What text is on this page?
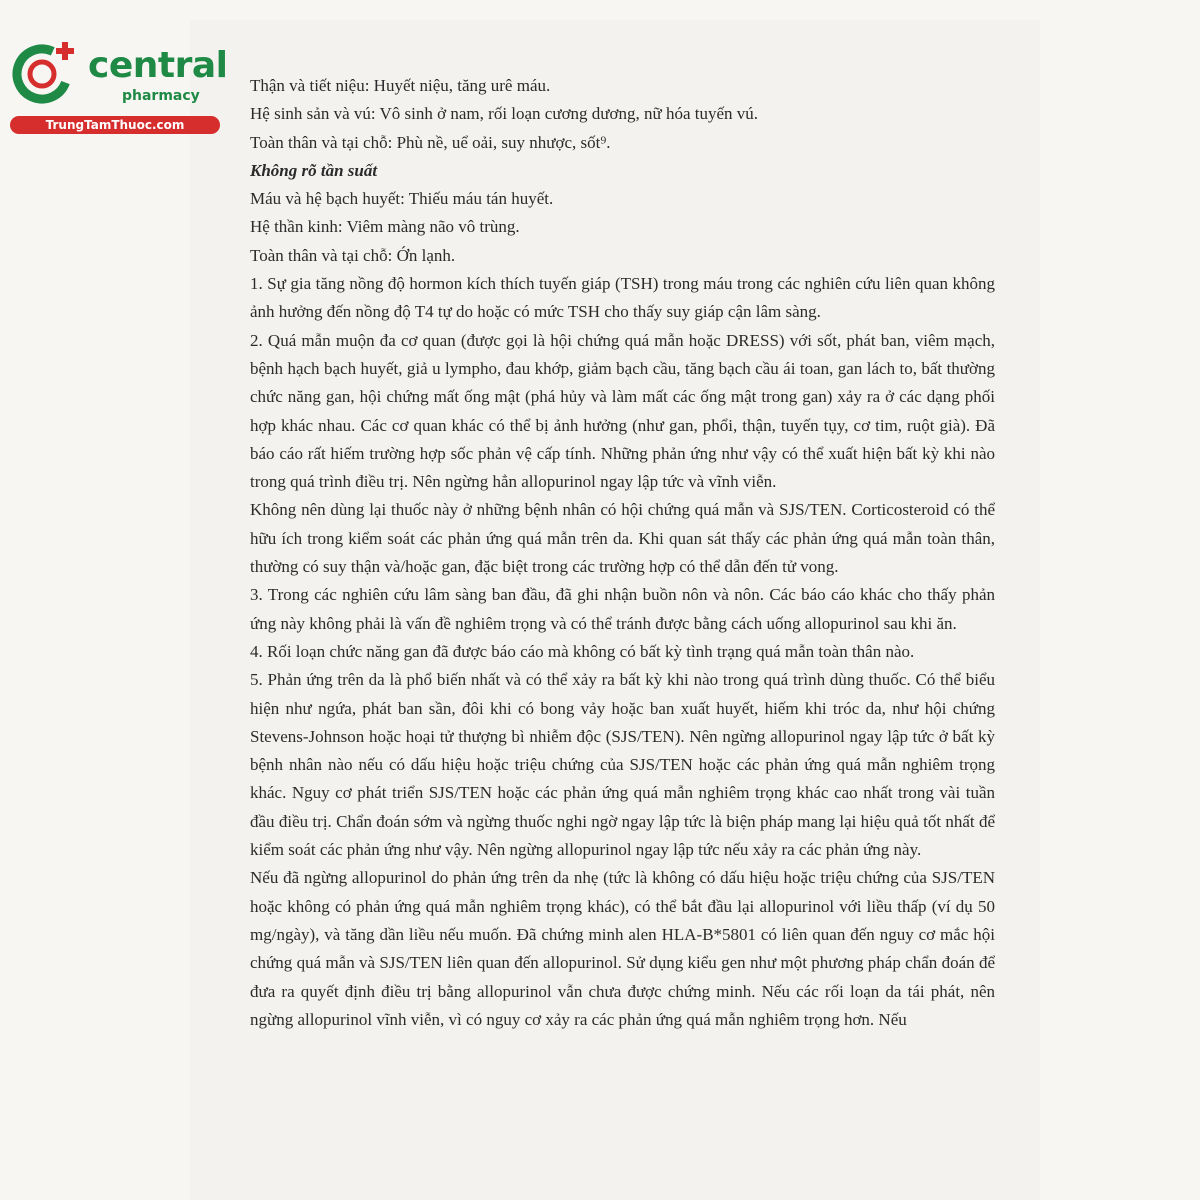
central
pharmacy
TrungTamThuoc.com

Thận và tiết niệu: Huyết niệu, tăng urê máu.

Hệ sinh sản và vú: Vô sinh ở nam, rối loạn cương dương, nữ hóa tuyến vú.

Toàn thân và tại chỗ: Phù nề, uể oải, suy nhược, sốt⁹.

Không rõ tần suất

Máu và hệ bạch huyết: Thiếu máu tán huyết.

Hệ thần kinh: Viêm màng não vô trùng.

Toàn thân và tại chỗ: Ớn lạnh.

1. Sự gia tăng nồng độ hormon kích thích tuyến giáp (TSH) trong máu trong các nghiên cứu liên quan không ảnh hưởng đến nồng độ T4 tự do hoặc có mức TSH cho thấy suy giáp cận lâm sàng.

2. Quá mẫn muộn đa cơ quan (được gọi là hội chứng quá mẫn hoặc DRESS) với sốt, phát ban, viêm mạch, bệnh hạch bạch huyết, giả u lympho, đau khớp, giảm bạch cầu, tăng bạch cầu ái toan, gan lách to, bất thường chức năng gan, hội chứng mất ống mật (phá hủy và làm mất các ống mật trong gan) xảy ra ở các dạng phối hợp khác nhau. Các cơ quan khác có thể bị ảnh hưởng (như gan, phổi, thận, tuyến tụy, cơ tim, ruột già). Đã báo cáo rất hiếm trường hợp sốc phản vệ cấp tính. Những phản ứng như vậy có thể xuất hiện bất kỳ khi nào trong quá trình điều trị. Nên ngừng hẳn allopurinol ngay lập tức và vĩnh viễn.

Không nên dùng lại thuốc này ở những bệnh nhân có hội chứng quá mẫn và SJS/TEN. Corticosteroid có thể hữu ích trong kiểm soát các phản ứng quá mẫn trên da. Khi quan sát thấy các phản ứng quá mẫn toàn thân, thường có suy thận và/hoặc gan, đặc biệt trong các trường hợp có thể dẫn đến tử vong.

3. Trong các nghiên cứu lâm sàng ban đầu, đã ghi nhận buồn nôn và nôn. Các báo cáo khác cho thấy phản ứng này không phải là vấn đề nghiêm trọng và có thể tránh được bằng cách uống allopurinol sau khi ăn.

4. Rối loạn chức năng gan đã được báo cáo mà không có bất kỳ tình trạng quá mẫn toàn thân nào.

5. Phản ứng trên da là phổ biến nhất và có thể xảy ra bất kỳ khi nào trong quá trình dùng thuốc. Có thể biểu hiện như ngứa, phát ban sần, đôi khi có bong vảy hoặc ban xuất huyết, hiếm khi tróc da, như hội chứng Stevens-Johnson hoặc hoại tử thượng bì nhiễm độc (SJS/TEN). Nên ngừng allopurinol ngay lập tức ở bất kỳ bệnh nhân nào nếu có dấu hiệu hoặc triệu chứng của SJS/TEN hoặc các phản ứng quá mẫn nghiêm trọng khác. Nguy cơ phát triển SJS/TEN hoặc các phản ứng quá mẫn nghiêm trọng khác cao nhất trong vài tuần đầu điều trị. Chẩn đoán sớm và ngừng thuốc nghi ngờ ngay lập tức là biện pháp mang lại hiệu quả tốt nhất để kiểm soát các phản ứng như vậy. Nên ngừng allopurinol ngay lập tức nếu xảy ra các phản ứng này.

Nếu đã ngừng allopurinol do phản ứng trên da nhẹ (tức là không có dấu hiệu hoặc triệu chứng của SJS/TEN hoặc không có phản ứng quá mẫn nghiêm trọng khác), có thể bắt đầu lại allopurinol với liều thấp (ví dụ 50 mg/ngày), và tăng dần liều nếu muốn. Đã chứng minh alen HLA-B*5801 có liên quan đến nguy cơ mắc hội chứng quá mẫn và SJS/TEN liên quan đến allopurinol. Sử dụng kiểu gen như một phương pháp chẩn đoán để đưa ra quyết định điều trị bằng allopurinol vẫn chưa được chứng minh. Nếu các rối loạn da tái phát, nên ngừng allopurinol vĩnh viễn, vì có nguy cơ xảy ra các phản ứng quá mẫn nghiêm trọng hơn. Nếu
